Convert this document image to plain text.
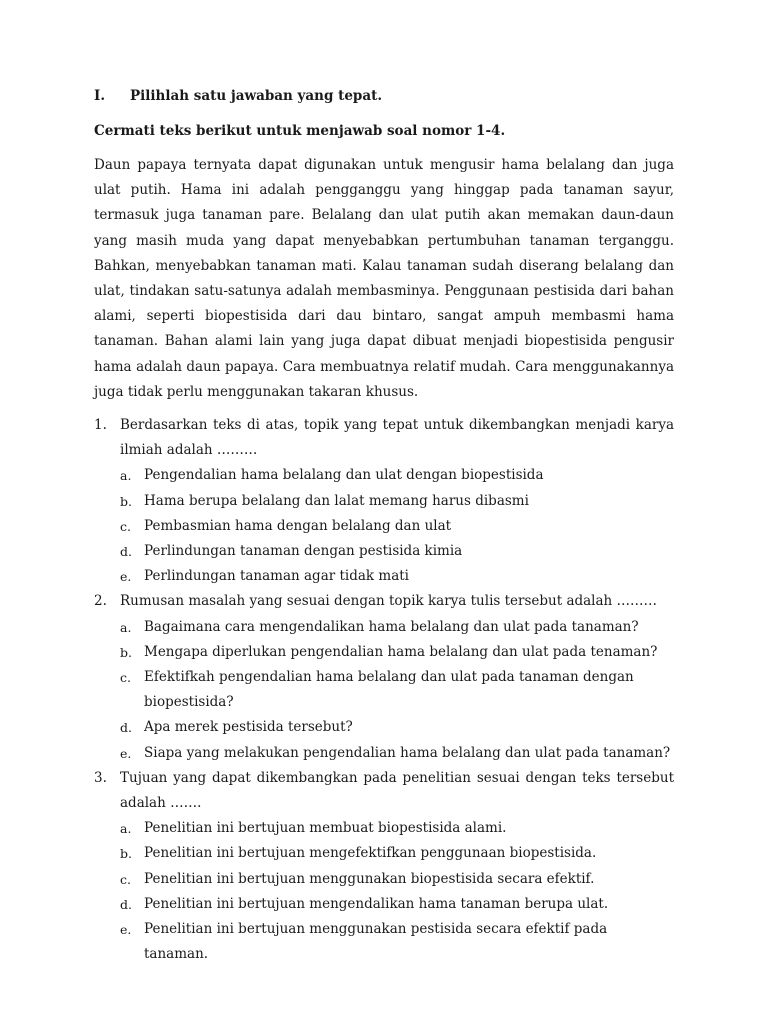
I.	Pilihlah satu jawaban yang tepat.
Cermati teks berikut untuk menjawab soal nomor 1-4.
Daun papaya ternyata dapat digunakan untuk mengusir hama belalang dan juga ulat putih. Hama ini adalah pengganggu yang hinggap pada tanaman sayur, termasuk juga tanaman pare. Belalang dan ulat putih akan memakan daun-daun yang masih muda yang dapat menyebabkan pertumbuhan tanaman terganggu. Bahkan, menyebabkan tanaman mati. Kalau tanaman sudah diserang belalang dan ulat, tindakan satu-satunya adalah membasminya. Penggunaan pestisida dari bahan alami, seperti biopestisida dari dau bintaro, sangat ampuh membasmi hama tanaman. Bahan alami lain yang juga dapat dibuat menjadi biopestisida pengusir hama adalah daun papaya. Cara membuatnya relatif mudah. Cara menggunakannya juga tidak perlu menggunakan takaran khusus.
1. Berdasarkan teks di atas, topik yang tepat untuk dikembangkan menjadi karya ilmiah adalah ………
a. Pengendalian hama belalang dan ulat dengan biopestisida
b. Hama berupa belalang dan lalat memang harus dibasmi
c. Pembasmian hama dengan belalang dan ulat
d. Perlindungan tanaman dengan pestisida kimia
e. Perlindungan tanaman agar tidak mati
2. Rumusan masalah yang sesuai dengan topik karya tulis tersebut adalah ………
a. Bagaimana cara mengendalikan hama belalang dan ulat pada tanaman?
b. Mengapa diperlukan pengendalian hama belalang dan ulat pada tenaman?
c. Efektifkah pengendalian hama belalang dan ulat pada tanaman dengan biopestisida?
d. Apa merek pestisida tersebut?
e. Siapa yang melakukan pengendalian hama belalang dan ulat pada tanaman?
3. Tujuan yang dapat dikembangkan pada penelitian sesuai dengan teks tersebut adalah …….
a. Penelitian ini bertujuan membuat biopestisida alami.
b. Penelitian ini bertujuan mengefektifkan penggunaan biopestisida.
c. Penelitian ini bertujuan menggunakan biopestisida secara efektif.
d. Penelitian ini bertujuan mengendalikan hama tanaman berupa ulat.
e. Penelitian ini bertujuan menggunakan pestisida secara efektif pada tanaman.
